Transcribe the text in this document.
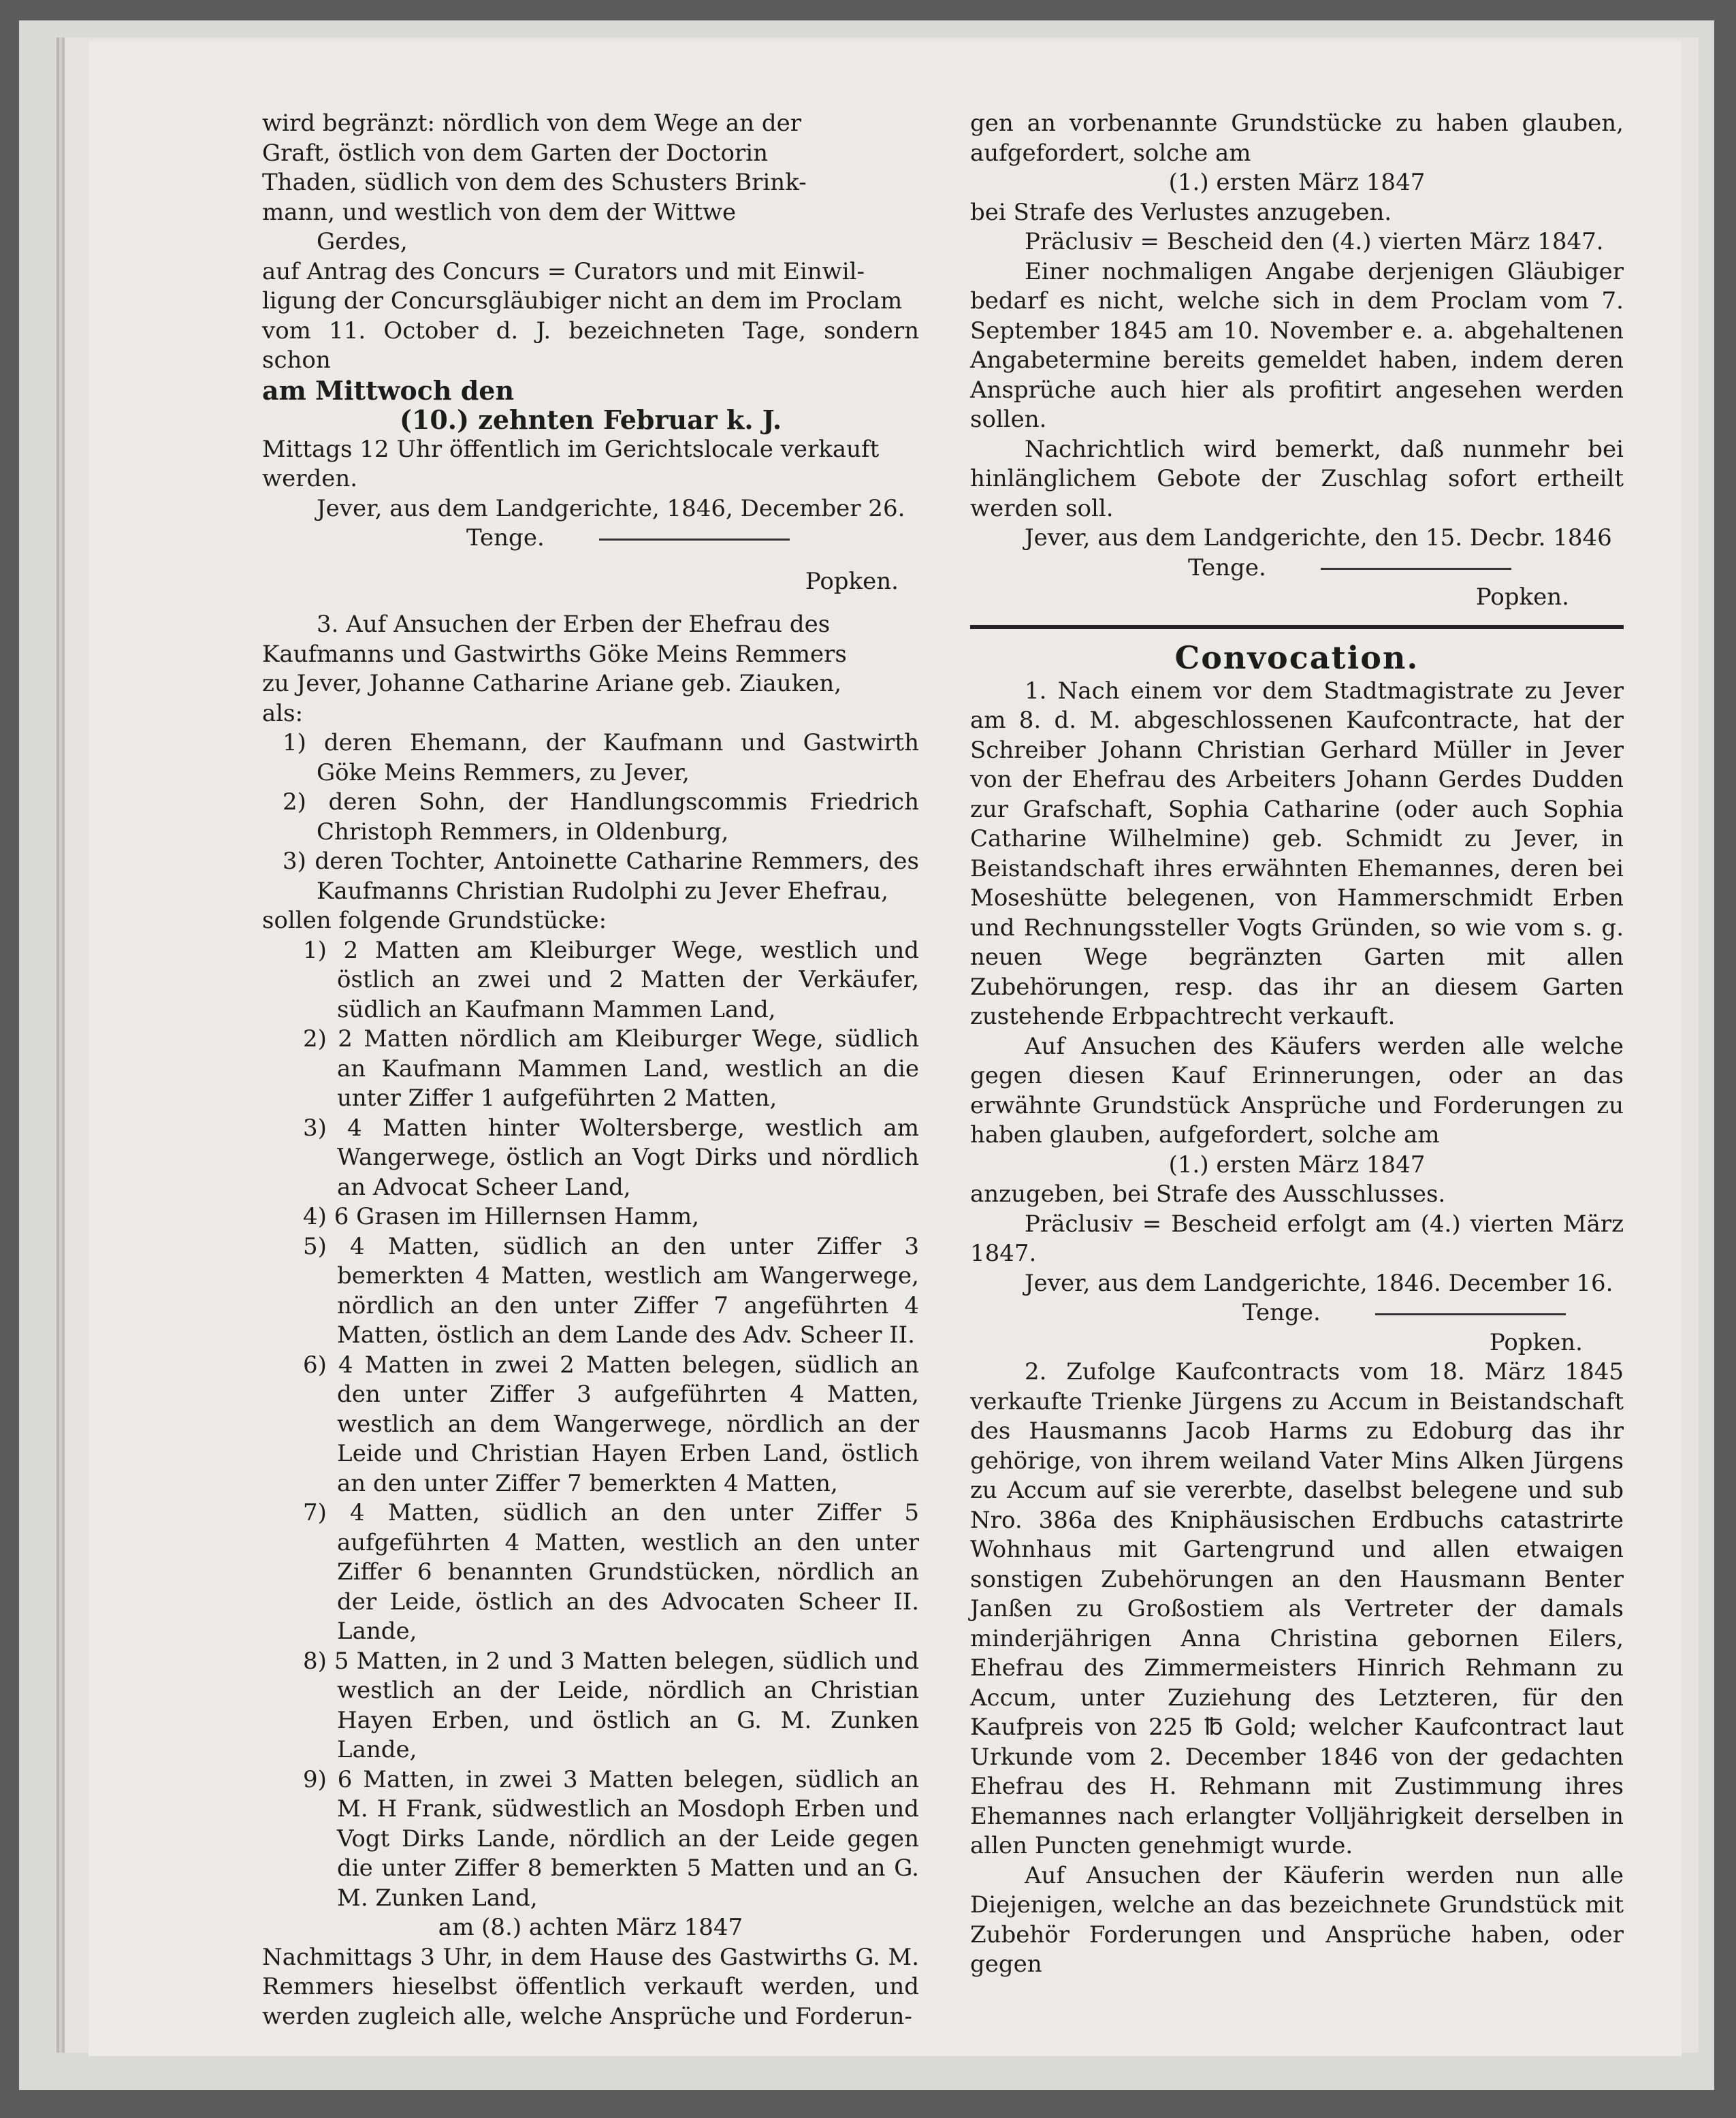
wird begränzt: nördlich von dem Wege an der

Graft, östlich von dem Garten der Doctorin

Thaden, südlich von dem des Schusters Brink-

mann, und westlich von dem der Wittwe

Gerdes,

auf Antrag des Concurs = Curators und mit Einwil-

ligung der Concursgläubiger nicht an dem im Proclam

vom 11. October d. J. bezeichneten Tage, sondern schon

am Mittwoch den

(10.) zehnten Februar k. J.

Mittags 12 Uhr öffentlich im Gerichtslocale verkauft

werden.

Jever, aus dem Landgerichte, 1846, December 26.

Tenge.

Popken.

3. Auf Ansuchen der Erben der Ehefrau des

Kaufmanns und Gastwirths Göke Meins Remmers

zu Jever, Johanne Catharine Ariane geb. Ziauken,

als:

1) deren Ehemann, der Kaufmann und Gastwirth Göke Meins Remmers, zu Jever,

2) deren Sohn, der Handlungscommis Friedrich Christoph Remmers, in Oldenburg,

3) deren Tochter, Antoinette Catharine Remmers, des Kaufmanns Christian Rudolphi zu Jever Ehefrau,

sollen folgende Grundstücke:

1) 2 Matten am Kleiburger Wege, westlich und östlich an zwei und 2 Matten der Verkäufer, südlich an Kaufmann Mammen Land,

2) 2 Matten nördlich am Kleiburger Wege, südlich an Kaufmann Mammen Land, westlich an die unter Ziffer 1 aufgeführten 2 Matten,

3) 4 Matten hinter Woltersberge, westlich am Wangerwege, östlich an Vogt Dirks und nördlich an Advocat Scheer Land,

4) 6 Grasen im Hillernsen Hamm,

5) 4 Matten, südlich an den unter Ziffer 3 bemerkten 4 Matten, westlich am Wangerwege, nördlich an den unter Ziffer 7 angeführten 4 Matten, östlich an dem Lande des Adv. Scheer II.

6) 4 Matten in zwei 2 Matten belegen, südlich an den unter Ziffer 3 aufgeführten 4 Matten, westlich an dem Wangerwege, nördlich an der Leide und Christian Hayen Erben Land, östlich an den unter Ziffer 7 bemerkten 4 Matten,

7) 4 Matten, südlich an den unter Ziffer 5 aufgeführten 4 Matten, westlich an den unter Ziffer 6 benannten Grundstücken, nördlich an der Leide, östlich an des Advocaten Scheer II. Lande,

8) 5 Matten, in 2 und 3 Matten belegen, südlich und westlich an der Leide, nördlich an Christian Hayen Erben, und östlich an G. M. Zunken Lande,

9) 6 Matten, in zwei 3 Matten belegen, südlich an M. H Frank, südwestlich an Mosdoph Erben und Vogt Dirks Lande, nördlich an der Leide gegen die unter Ziffer 8 bemerkten 5 Matten und an G. M. Zunken Land,

am (8.) achten März 1847

Nachmittags 3 Uhr, in dem Hause des Gastwirths G. M. Remmers hieselbst öffentlich verkauft werden, und werden zugleich alle, welche Ansprüche und Forderun-

gen an vorbenannte Grundstücke zu haben glauben, aufgefordert, solche am

(1.) ersten März 1847

bei Strafe des Verlustes anzugeben.

Präclusiv = Bescheid den (4.) vierten März 1847.

Einer nochmaligen Angabe derjenigen Gläubiger bedarf es nicht, welche sich in dem Proclam vom 7. September 1845 am 10. November e. a. abgehaltenen Angabetermine bereits gemeldet haben, indem deren Ansprüche auch hier als profitirt angesehen werden sollen.

Nachrichtlich wird bemerkt, daß nunmehr bei hinlänglichem Gebote der Zuschlag sofort ertheilt werden soll.

Jever, aus dem Landgerichte, den 15. Decbr. 1846

Tenge.

Popken.

Convocation.

1. Nach einem vor dem Stadtmagistrate zu Jever am 8. d. M. abgeschlossenen Kaufcontracte, hat der Schreiber Johann Christian Gerhard Müller in Jever von der Ehefrau des Arbeiters Johann Gerdes Dudden zur Grafschaft, Sophia Catharine (oder auch Sophia Catharine Wilhelmine) geb. Schmidt zu Jever, in Beistandschaft ihres erwähnten Ehemannes, deren bei Moseshütte belegenen, von Hammerschmidt Erben und Rechnungssteller Vogts Gründen, so wie vom s. g. neuen Wege begränzten Garten mit allen Zubehörungen, resp. das ihr an diesem Garten zustehende Erbpachtrecht verkauft.

Auf Ansuchen des Käufers werden alle welche gegen diesen Kauf Erinnerungen, oder an das erwähnte Grundstück Ansprüche und Forderungen zu haben glauben, aufgefordert, solche am

(1.) ersten März 1847

anzugeben, bei Strafe des Ausschlusses.

Präclusiv = Bescheid erfolgt am (4.) vierten März 1847.

Jever, aus dem Landgerichte, 1846. December 16.

Tenge.

Popken.

2. Zufolge Kaufcontracts vom 18. März 1845 verkaufte Trienke Jürgens zu Accum in Beistandschaft des Hausmanns Jacob Harms zu Edoburg das ihr gehörige, von ihrem weiland Vater Mins Alken Jürgens zu Accum auf sie vererbte, daselbst belegene und sub Nro. 386a des Kniphäusischen Erdbuchs catastrirte Wohnhaus mit Gartengrund und allen etwaigen sonstigen Zubehörungen an den Hausmann Benter Janßen zu Großostiem als Vertreter der damals minderjährigen Anna Christina gebornen Eilers, Ehefrau des Zimmermeisters Hinrich Rehmann zu Accum, unter Zuziehung des Letzteren, für den Kaufpreis von 225 ℔ Gold; welcher Kaufcontract laut Urkunde vom 2. December 1846 von der gedachten Ehefrau des H. Rehmann mit Zustimmung ihres Ehemannes nach erlangter Volljährigkeit derselben in allen Puncten genehmigt wurde.

Auf Ansuchen der Käuferin werden nun alle Diejenigen, welche an das bezeichnete Grundstück mit Zubehör Forderungen und Ansprüche haben, oder gegen
